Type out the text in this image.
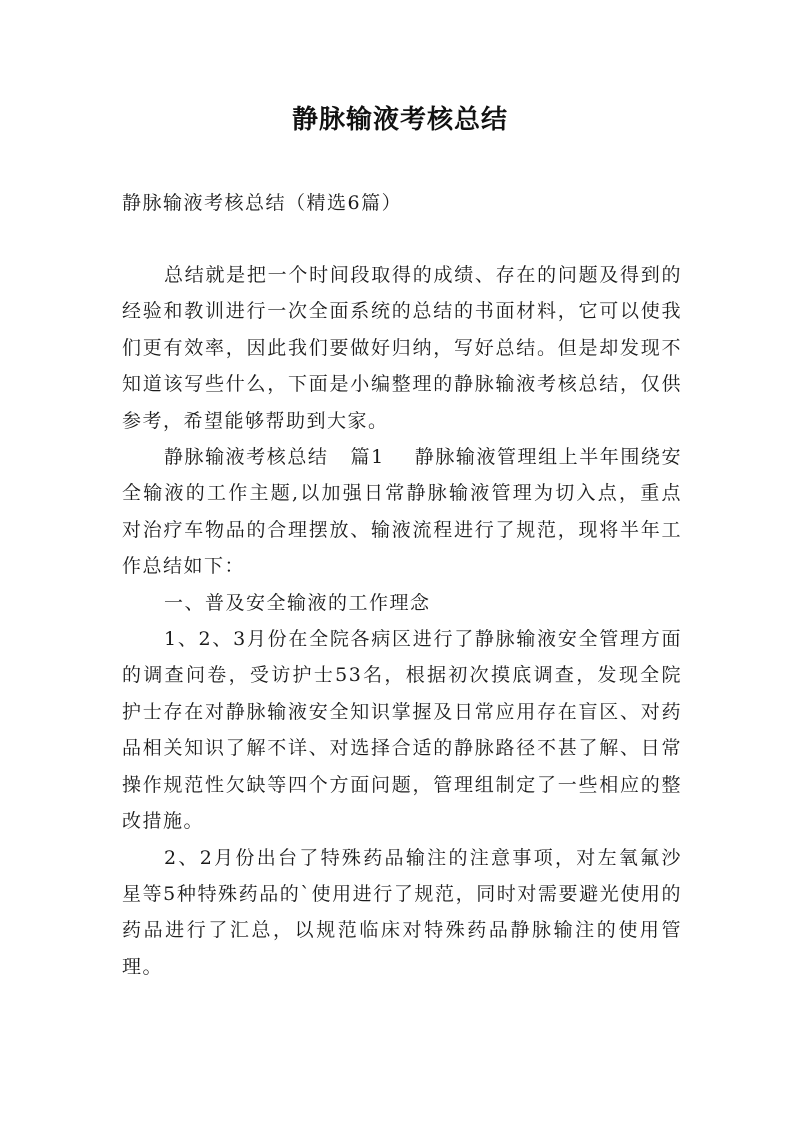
静脉输液考核总结
静脉输液考核总结（精选6篇）

总结就是把一个时间段取得的成绩、存在的问题及得到的经验和教训进行一次全面系统的总结的书面材料，它可以使我们更有效率，因此我们要做好归纳，写好总结。但是却发现不知道该写些什么，下面是小编整理的静脉输液考核总结，仅供参考，希望能够帮助到大家。

静脉输液考核总结 篇1 静脉输液管理组上半年围绕安全输液的工作主题,以加强日常静脉输液管理为切入点，重点对治疗车物品的合理摆放、输液流程进行了规范，现将半年工作总结如下：

一、普及安全输液的工作理念

1、2、3月份在全院各病区进行了静脉输液安全管理方面的调查问卷，受访护士53名，根据初次摸底调查，发现全院护士存在对静脉输液安全知识掌握及日常应用存在盲区、对药品相关知识了解不详、对选择合适的静脉路径不甚了解、日常操作规范性欠缺等四个方面问题，管理组制定了一些相应的整改措施。

2、2月份出台了特殊药品输注的注意事项，对左氧氟沙星等5种特殊药品的`使用进行了规范，同时对需要避光使用的药品进行了汇总，以规范临床对特殊药品静脉输注的使用管理。
